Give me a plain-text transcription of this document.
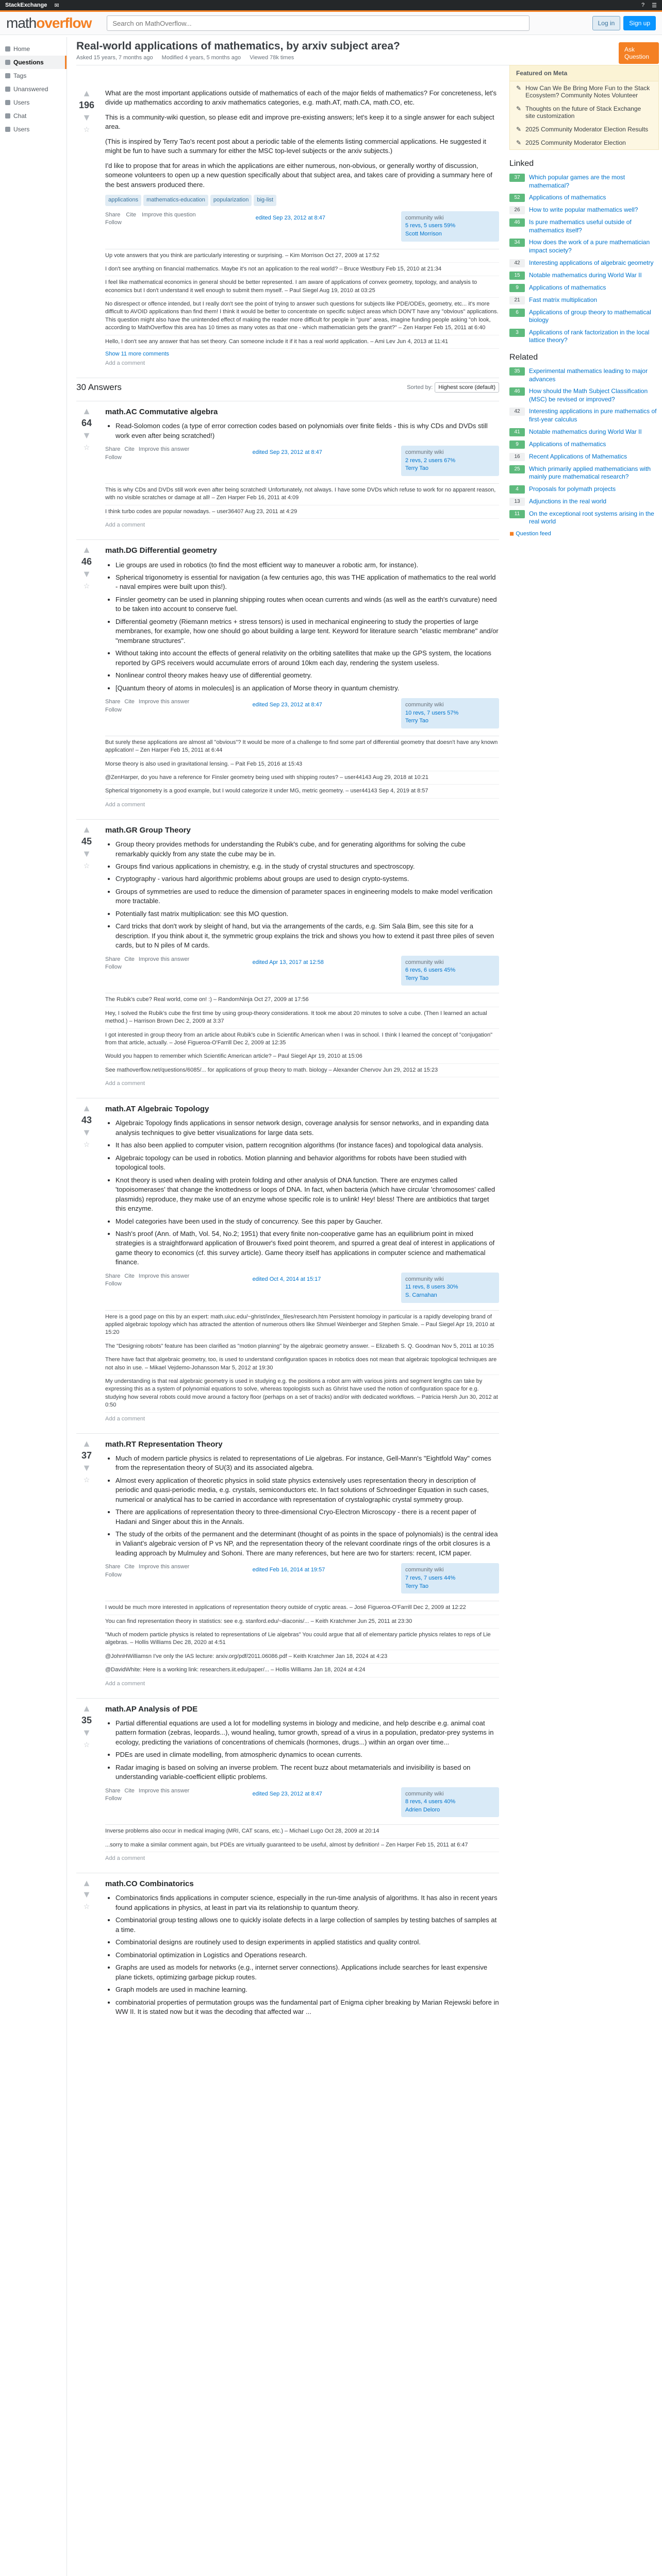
StackExchange ✉	? ☰
mathoverflow
Search on MathOverflow...	Log in	Sign up
Home
Questions
Tags
Unanswered
Users
Chat
Users
Real-world applications of mathematics, by arxiv subject area?	Ask Question
Asked 15 years, 7 months ago Modified 4 years, 5 months ago Viewed 78k times
▲
196
▼
☆

What are the most important applications outside of mathematics of each of the major fields of mathematics? For concreteness, let's divide up mathematics according to arxiv mathematics categories, e.g. math.AT, math.CA, math.CO, etc.

This is a community-wiki question, so please edit and improve pre-existing answers; let's keep it to a single answer for each subject area.

(This is inspired by Terry Tao's recent post about a periodic table of the elements listing commercial applications. He suggested it might be fun to have such a summary for either the MSC top-level subjects or the arxiv subjects.)

I'd like to propose that for areas in which the applications are either numerous, non-obvious, or generally worthy of discussion, someone volunteers to open up a new question specifically about that subject area, and takes care of providing a summary here of the best answers produced there.

applications	mathematics-education	popularization	big-list
Share Cite Improve this question
Follow
edited Sep 23, 2012 at 8:47	community wiki
5 revs, 5 users 59%
Scott Morrison
Up vote answers that you think are particularly interesting or surprising. – Kim Morrison Oct 27, 2009 at 17:52
I don't see anything on financial mathematics. Maybe it's not an application to the real world? – Bruce Westbury Feb 15, 2010 at 21:34
I feel like mathematical economics in general should be better represented. I am aware of applications of convex geometry, topology, and analysis to economics but I don't understand it well enough to submit them myself. – Paul Siegel Aug 19, 2010 at 03:25
No disrespect or offence intended, but I really don't see the point of trying to answer such questions for subjects like PDE/ODEs, geometry, etc... it's more difficult to AVOID applications than find them! I think it would be better to concentrate on specific subject areas which DON'T have any "obvious" applications. This question might also have the unintended effect of making the reader more difficult for people in "pure" areas, imagine funding people asking "oh look, according to MathOverflow this area has 10 times as many votes as that one - which mathematician gets the grant?" – Zen Harper Feb 15, 2011 at 6:40
Hello, I don't see any answer that has set theory. Can someone include it if it has a real world application. – Ami Lev Jun 4, 2013 at 11:41
Show 11 more comments
Add a comment
30 Answers	Sorted by: Highest score (default)
▲
64
▼
☆
math.AC Commutative algebra
• Read-Solomon codes (a type of error correction codes based on polynomials over finite fields - this is why CDs and DVDs still work even after being scratched!)
Share Cite Improve this answer
Follow
edited Sep 23, 2012 at 8:47	community wiki
2 revs, 2 users 67%
Terry Tao
This is why CDs and DVDs still work even after being scratched! Unfortunately, not always. I have some DVDs which refuse to work for no apparent reason, with no visible scratches or damage at all! – Zen Harper Feb 16, 2011 at 4:09
I think turbo codes are popular nowadays. – user36407 Aug 23, 2011 at 4:29
Add a comment
▲
46
▼
☆
math.DG Differential geometry
• Lie groups are used in robotics (to find the most efficient way to maneuver a robotic arm, for instance).
• Spherical trigonometry is essential for navigation (a few centuries ago, this was THE application of mathematics to the real world - naval empires were built upon this!).
• Finsler geometry can be used in planning shipping routes when ocean currents and winds (as well as the earth's curvature) need to be taken into account to conserve fuel.
• Differential geometry (Riemann metrics + stress tensors) is used in mechanical engineering to study the properties of large membranes, for example, how one should go about building a large tent. Keyword for literature search "elastic membrane" and/or "membrane structures".
• Without taking into account the effects of general relativity on the orbiting satellites that make up the GPS system, the locations reported by GPS receivers would accumulate errors of around 10km each day, rendering the system useless.
• Nonlinear control theory makes heavy use of differential geometry.
• [Quantum theory of atoms in molecules] is an application of Morse theory in quantum chemistry.
Share Cite Improve this answer
Follow
edited Sep 23, 2012 at 8:47	community wiki
10 revs, 7 users 57%
Terry Tao
But surely these applications are almost all "obvious"? It would be more of a challenge to find some part of differential geometry that doesn't have any known application! – Zen Harper Feb 15, 2011 at 6:44
Morse theory is also used in gravitational lensing. – Pait Feb 15, 2016 at 15:43
@ZenHarper, do you have a reference for Finsler geometry being used with shipping routes? – user44143 Aug 29, 2018 at 10:21
Spherical trigonometry is a good example, but I would categorize it under MG, metric geometry. – user44143 Sep 4, 2019 at 8:57
Add a comment
▲
45
▼
☆
math.GR Group Theory
• Group theory provides methods for understanding the Rubik's cube, and for generating algorithms for solving the cube remarkably quickly from any state the cube may be in.
• Groups find various applications in chemistry, e.g. in the study of crystal structures and spectroscopy.
• Cryptography - various hard algorithmic problems about groups are used to design crypto-systems.
• Groups of symmetries are used to reduce the dimension of parameter spaces in engineering models to make model verification more tractable.
• Potentially fast matrix multiplication: see this MO question.
• Card tricks that don't work by sleight of hand, but via the arrangements of the cards, e.g. Sim Sala Bim, see this site for a description. If you think about it, the symmetric group explains the trick and shows you how to extend it past three piles of seven cards, but to N piles of M cards.
Share Cite Improve this answer
Follow
edited Apr 13, 2017 at 12:58	community wiki
6 revs, 6 users 45%
Terry Tao
The Rubik's cube? Real world, come on! :) – RandomNinja Oct 27, 2009 at 17:56
Hey, I solved the Rubik's cube the first time by using group-theory considerations. It took me about 20 minutes to solve a cube. (Then I learned an actual method.) – Harrison Brown Dec 2, 2009 at 3:37
I got interested in group theory from an article about Rubik's cube in Scientific American when I was in school. I think I learned the concept of "conjugation" from that article, actually. – José Figueroa-O'Farrill Dec 2, 2009 at 12:35
Would you happen to remember which Scientific American article? – Paul Siegel Apr 19, 2010 at 15:06
See mathoverflow.net/questions/6085/... for applications of group theory to math. biology – Alexander Chervov Jun 29, 2012 at 15:23
Add a comment
▲
43
▼
☆
math.AT Algebraic Topology
• Algebraic Topology finds applications in sensor network design, coverage analysis for sensor networks, and in expanding data analysis techniques to give better visualizations for large data sets.
• It has also been applied to computer vision, pattern recognition algorithms (for instance faces) and topological data analysis.
• Algebraic topology can be used in robotics. Motion planning and behavior algorithms for robots have been studied with topological tools.
• Knot theory is used when dealing with protein folding and other analysis of DNA function. There are enzymes called 'topoisomerases' that change the knottedness or loops of DNA. In fact, when bacteria (which have circular 'chromosomes' called plasmids) reproduce, they make use of an enzyme whose specific role is to unlink! Hey! bless! There are antibiotics that target this enzyme.
• Model categories have been used in the study of concurrency. See this paper by Gaucher.
• Nash's proof (Ann. of Math, Vol. 54, No.2; 1951) that every finite non-cooperative game has an equilibrium point in mixed strategies is a straightforward application of Brouwer's fixed point theorem, and spurred a great deal of interest in applications of game theory to economics (cf. this survey article). Game theory itself has applications in computer science and mathematical finance.
Share Cite Improve this answer
Follow
edited Oct 4, 2014 at 15:17	community wiki
11 revs, 8 users 30%
S. Carnahan
Here is a good page on this by an expert: math.uiuc.edu/~ghrist/index_files/research.htm Persistent homology in particular is a rapidly developing brand of applied algebraic topology which has attracted the attention of numerous others like Shmuel Weinberger and Stephen Smale. – Paul Siegel Apr 19, 2010 at 15:20
The "Designing robots" feature has been clarified as "motion planning" by the algebraic geometry answer. – Elizabeth S. Q. Goodman Nov 5, 2011 at 10:35
There have fact that algebraic geometry, too, is used to understand configuration spaces in robotics does not mean that algebraic topological techniques are not also in use. – Mikael Vejdemo-Johansson Mar 5, 2012 at 19:30
My understanding is that real algebraic geometry is used in studying e.g. the positions a robot arm with various joints and segment lengths can take by expressing this as a system of polynomial equations to solve, whereas topologists such as Ghrist have used the notion of configuration space for e.g. studying how several robots could move around a factory floor (perhaps on a set of tracks) and/or with dedicated workflows. – Patricia Hersh Jun 30, 2012 at 0:50
Add a comment
▲
37
▼
☆
math.RT Representation Theory
• Much of modern particle physics is related to representations of Lie algebras. For instance, Gell-Mann's "Eightfold Way" comes from the representation theory of SU(3) and its associated algebra.
• Almost every application of theoretic physics in solid state physics extensively uses representation theory in description of periodic and quasi-periodic media, e.g. crystals, semiconductors etc. In fact solutions of Schroedinger Equation in such cases, numerical or analytical has to be carried in accordance with representation of crystalographic crystal symmetry group.
• There are applications of representation theory to three-dimensional Cryo-Electron Microscopy - there is a recent paper of Hadani and Singer about this in the Annals.
• The study of the orbits of the permanent and the determinant (thought of as points in the space of polynomials) is the central idea in Valiant's algebraic version of P vs NP, and the representation theory of the relevant coordinate rings of the orbit closures is a leading approach by Mulmuley and Sohoni. There are many references, but here are two for starters: recent, ICM paper.
Share Cite Improve this answer
Follow
edited Feb 16, 2014 at 19:57	community wiki
7 revs, 7 users 44%
Terry Tao
I would be much more interested in applications of representation theory outside of cryptic areas. – José Figueroa-O'Farrill Dec 2, 2009 at 12:22
You can find representation theory in statistics: see e.g. stanford.edu/~diaconis/... – Keith Kratchmer Jun 25, 2011 at 23:30
"Much of modern particle physics is related to representations of Lie algebras" You could argue that all of elementary particle physics relates to reps of Lie algebras. – Hollis Williams Dec 28, 2020 at 4:51
@JohnHWilliamsn I've only the IAS lecture: arxiv.org/pdf/2011.06086.pdf – Keith Kratchmer Jan 18, 2024 at 4:23
@DavidWhite: Here is a working link: researchers.iit.edu/paper/... – Hollis Williams Jan 18, 2024 at 4:24
Add a comment
▲
35
▼
☆
math.AP Analysis of PDE
• Partial differential equations are used a lot for modelling systems in biology and medicine, and help describe e.g. animal coat pattern formation (zebras, leopards...), wound healing, tumor growth, spread of a virus in a population, predator-prey systems in ecology, predicting the variations of concentrations of chemicals (hormones, drugs...) within an organ over time...
• PDEs are used in climate modelling, from atmospheric dynamics to ocean currents.
• Radar imaging is based on solving an inverse problem. The recent buzz about metamaterials and invisibility is based on understanding variable-coefficient elliptic problems.
Share Cite Improve this answer
Follow
edited Sep 23, 2012 at 8:47	community wiki
8 revs, 4 users 40%
Adrien Deloro
Inverse problems also occur in medical imaging (MRI, CAT scans, etc.) – Michael Lugo Oct 28, 2009 at 20:14
...sorry to make a similar comment again, but PDEs are virtually guaranteed to be useful, almost by definition! – Zen Harper Feb 15, 2011 at 6:47
Add a comment
▲
▼
☆
math.CO Combinatorics
• Combinatorics finds applications in computer science, especially in the run-time analysis of algorithms. It has also in recent years found applications in physics, at least in part via its relationship to quantum theory.
• Combinatorial group testing allows one to quickly isolate defects in a large collection of samples by testing batches of samples at a time.
• Combinatorial designs are routinely used to design experiments in applied statistics and quality control.
• Combinatorial optimization in Logistics and Operations research.
• Graphs are used as models for networks (e.g., internet server connections). Applications include searches for least expensive plane tickets, optimizing garbage pickup routes.
• Graph models are used in machine learning.
• combinatorial properties of permutation groups was the fundamental part of Enigma cipher breaking by Marian Rejewski before in WW II. It is stated now but it was the decoding that affected war ...
Featured on Meta
✎ How Can We Be Bring More Fun to the Stack Ecosystem? Community Notes Volunteer
✎ Thoughts on the future of Stack Exchange site customization
✎ 2025 Community Moderator Election Results
✎ 2025 Community Moderator Election
Linked
37	Which popular games are the most mathematical?
52	Applications of mathematics
26	How to write popular mathematics well?
46	Is pure mathematics useful outside of mathematics itself?
34	How does the work of a pure mathematician impact society?
42	Interesting applications of algebraic geometry
15	Notable mathematics during World War II
9	Applications of mathematics
21	Fast matrix multiplication
6	Applications of group theory to mathematical biology
3	Applications of rank factorization in the local lattice theory?
Related
35	Experimental mathematics leading to major advances
46	How should the Math Subject Classification (MSC) be revised or improved?
42	Interesting applications in pure mathematics of first-year calculus
41	Notable mathematics during World War II
9	Applications of mathematics
16	Recent Applications of Mathematics
25	Which primarily applied mathematicians with mainly pure mathematical research?
4	Proposals for polymath projects
13	Adjunctions in the real world
11	On the exceptional root systems arising in the real world
◼ Question feed
